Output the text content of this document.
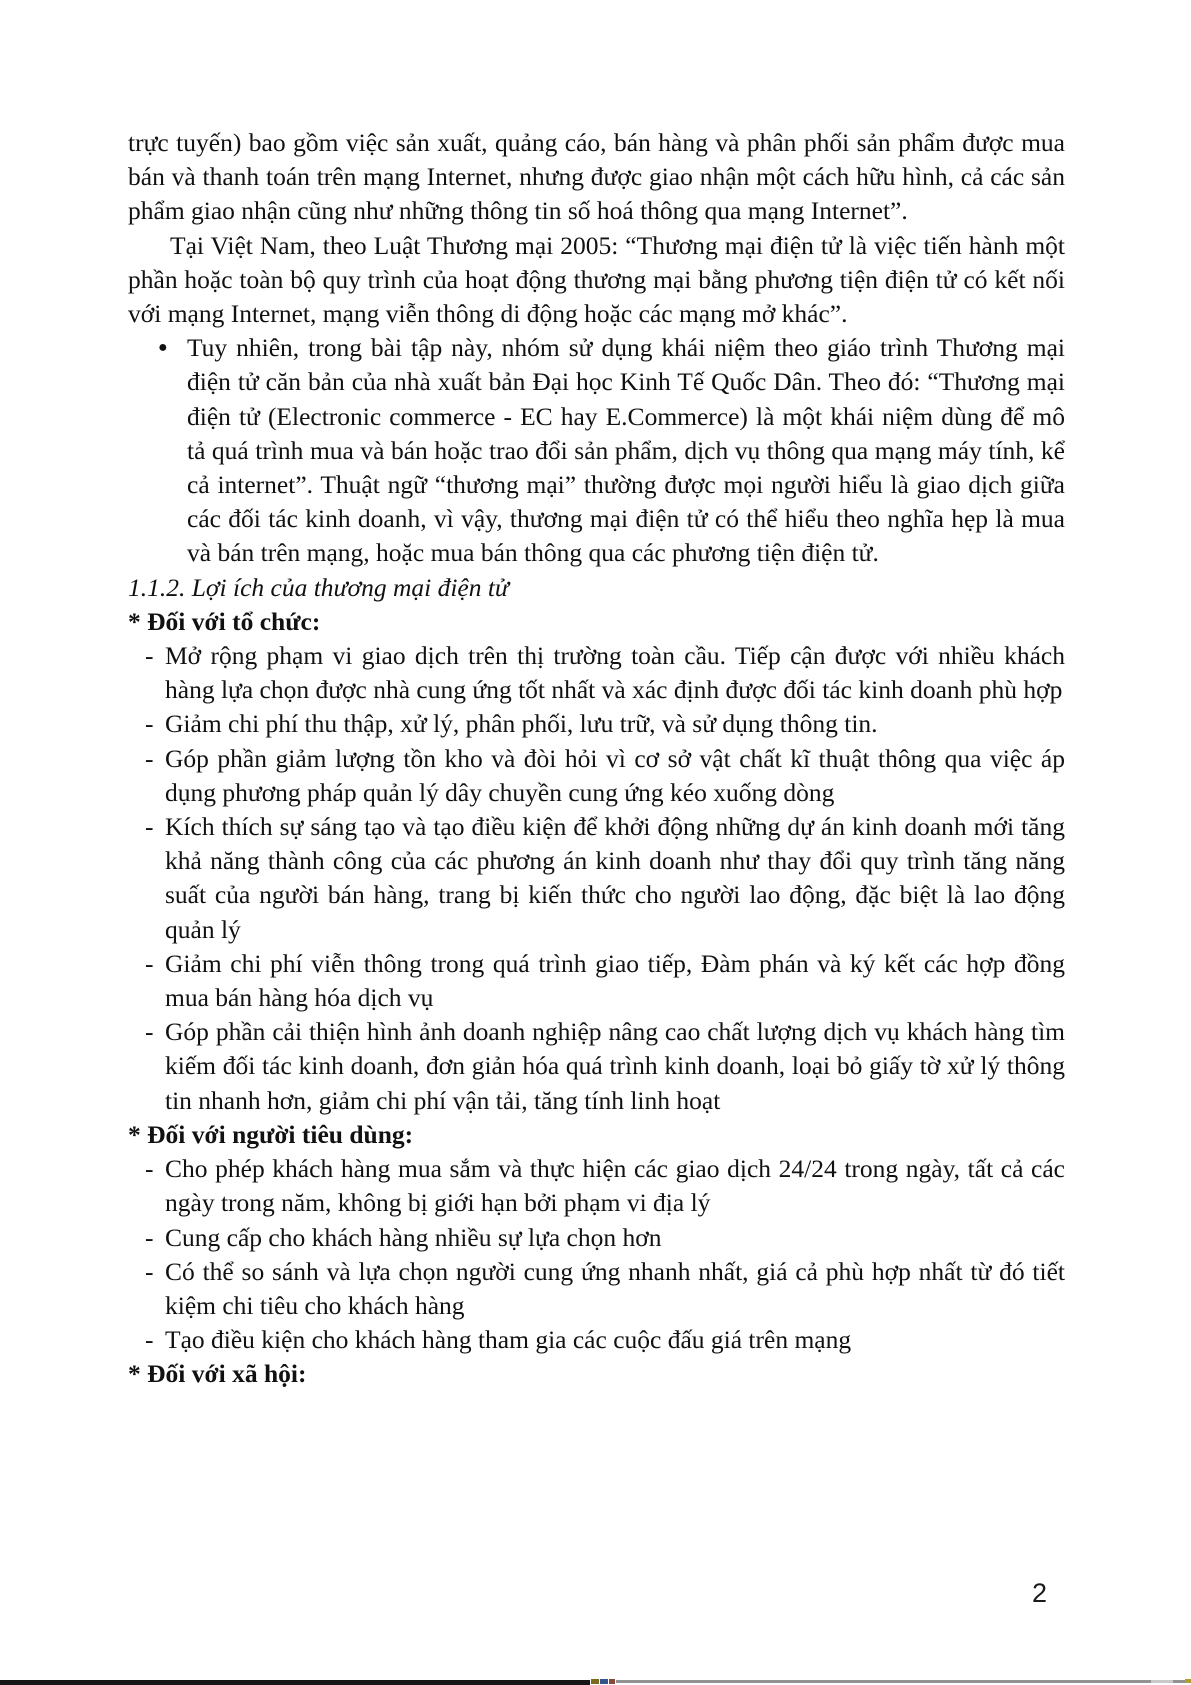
trực tuyến) bao gồm việc sản xuất, quảng cáo, bán hàng và phân phối sản phẩm được mua bán và thanh toán trên mạng Internet, nhưng được giao nhận một cách hữu hình, cả các sản phẩm giao nhận cũng như những thông tin số hoá thông qua mạng Internet”.

Tại Việt Nam, theo Luật Thương mại 2005: “Thương mại điện tử là việc tiến hành một phần hoặc toàn bộ quy trình của hoạt động thương mại bằng phương tiện điện tử có kết nối với mạng Internet, mạng viễn thông di động hoặc các mạng mở khác”.

● Tuy nhiên, trong bài tập này, nhóm sử dụng khái niệm theo giáo trình Thương mại điện tử căn bản của nhà xuất bản Đại học Kinh Tế Quốc Dân. Theo đó: “Thương mại điện tử (Electronic commerce - EC hay E.Commerce) là một khái niệm dùng để mô tả quá trình mua và bán hoặc trao đổi sản phẩm, dịch vụ thông qua mạng máy tính, kể cả internet”. Thuật ngữ “thương mại” thường được mọi người hiểu là giao dịch giữa các đối tác kinh doanh, vì vậy, thương mại điện tử có thể hiểu theo nghĩa hẹp là mua và bán trên mạng, hoặc mua bán thông qua các phương tiện điện tử.

1.1.2. Lợi ích của thương mại điện tử

* Đối với tổ chức:

- Mở rộng phạm vi giao dịch trên thị trường toàn cầu. Tiếp cận được với nhiều khách hàng lựa chọn được nhà cung ứng tốt nhất và xác định được đối tác kinh doanh phù hợp
- Giảm chi phí thu thập, xử lý, phân phối, lưu trữ, và sử dụng thông tin.
- Góp phần giảm lượng tồn kho và đòi hỏi vì cơ sở vật chất kĩ thuật thông qua việc áp dụng phương pháp quản lý dây chuyền cung ứng kéo xuống dòng
- Kích thích sự sáng tạo và tạo điều kiện để khởi động những dự án kinh doanh mới tăng khả năng thành công của các phương án kinh doanh như thay đổi quy trình tăng năng suất của người bán hàng, trang bị kiến thức cho người lao động, đặc biệt là lao động quản lý
- Giảm chi phí viễn thông trong quá trình giao tiếp, Đàm phán và ký kết các hợp đồng mua bán hàng hóa dịch vụ
- Góp phần cải thiện hình ảnh doanh nghiệp nâng cao chất lượng dịch vụ khách hàng tìm kiếm đối tác kinh doanh, đơn giản hóa quá trình kinh doanh, loại bỏ giấy tờ xử lý thông tin nhanh hơn, giảm chi phí vận tải, tăng tính linh hoạt

* Đối với người tiêu dùng:

- Cho phép khách hàng mua sắm và thực hiện các giao dịch 24/24 trong ngày, tất cả các ngày trong năm, không bị giới hạn bởi phạm vi địa lý
- Cung cấp cho khách hàng nhiều sự lựa chọn hơn
- Có thể so sánh và lựa chọn người cung ứng nhanh nhất, giá cả phù hợp nhất từ đó tiết kiệm chi tiêu cho khách hàng
- Tạo điều kiện cho khách hàng tham gia các cuộc đấu giá trên mạng

* Đối với xã hội:

2
